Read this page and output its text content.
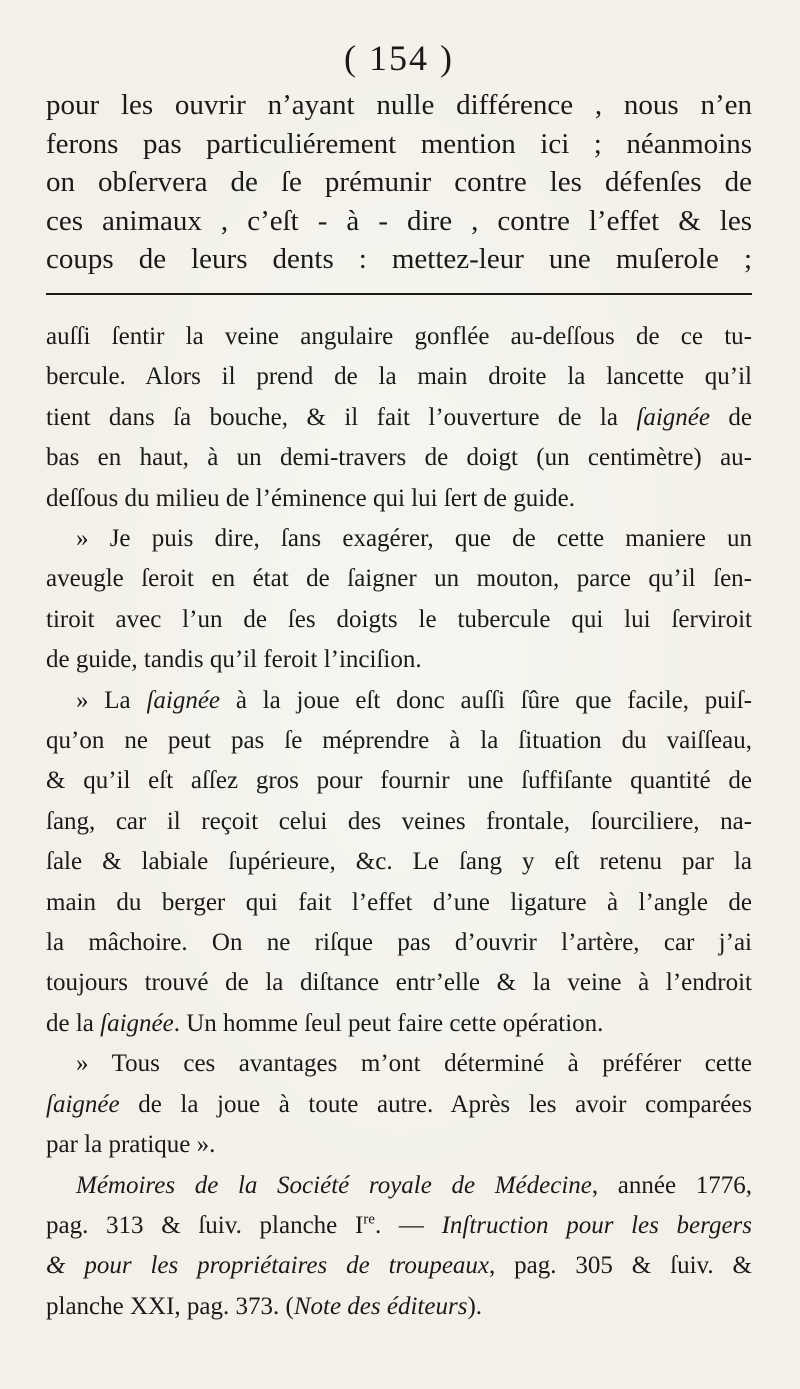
( 154 )
pour les ouvrir n’ayant nulle différence , nous n’en
ferons pas particuliérement mention ici ; néanmoins
on obſervera de ſe prémunir contre les défenſes de
ces animaux , c’eſt - à - dire , contre l’effet & les
coups de leurs dents : mettez-leur une muſerole ;
auſſi ſentir la veine angulaire gonflée au-deſſous de ce tu-
bercule. Alors il prend de la main droite la lancette qu’il
tient dans ſa bouche, & il fait l’ouverture de la ſaignée de
bas en haut, à un demi-travers de doigt (un centimètre) au-
deſſous du milieu de l’éminence qui lui ſert de guide.
» Je puis dire, ſans exagérer, que de cette maniere un
aveugle ſeroit en état de ſaigner un mouton, parce qu’il ſen-
tiroit avec l’un de ſes doigts le tubercule qui lui ſerviroit
de guide, tandis qu’il feroit l’inciſion.
» La ſaignée à la joue eſt donc auſſi ſûre que facile, puiſ-
qu’on ne peut pas ſe méprendre à la ſituation du vaiſſeau,
& qu’il eſt aſſez gros pour fournir une ſuffiſante quantité de
ſang, car il reçoit celui des veines frontale, ſourciliere, na-
ſale & labiale ſupérieure, &c. Le ſang y eſt retenu par la
main du berger qui fait l’effet d’une ligature à l’angle de
la mâchoire. On ne riſque pas d’ouvrir l’artère, car j’ai
toujours trouvé de la diſtance entr’elle & la veine à l’endroit
de la ſaignée. Un homme ſeul peut faire cette opération.
» Tous ces avantages m’ont déterminé à préférer cette
ſaignée de la joue à toute autre. Après les avoir comparées
par la pratique ».
Mémoires de la Société royale de Médecine, année 1776,
pag. 313 & ſuiv. planche Ire. — Inſtruction pour les bergers
& pour les propriétaires de troupeaux, pag. 305 & ſuiv. &
planche XXI, pag. 373. (Note des éditeurs).
